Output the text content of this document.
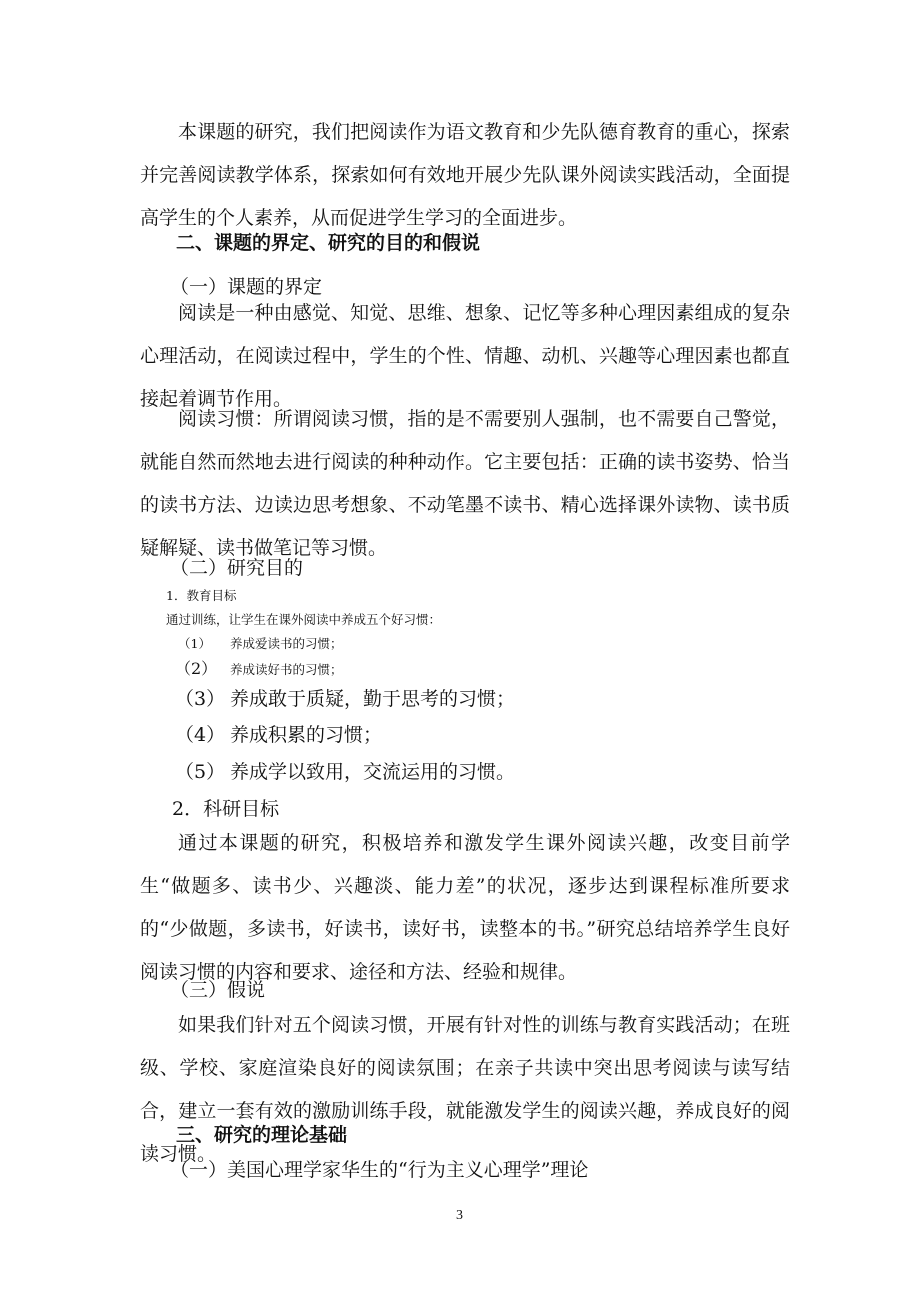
本课题的研究，我们把阅读作为语文教育和少先队德育教育的重心，探索并完善阅读教学体系，探索如何有效地开展少先队课外阅读实践活动，全面提高学生的个人素养，从而促进学生学习的全面进步。

二、课题的界定、研究的目的和假说

（一）课题的界定

阅读是一种由感觉、知觉、思维、想象、记忆等多种心理因素组成的复杂心理活动，在阅读过程中，学生的个性、情趣、动机、兴趣等心理因素也都直接起着调节作用。

阅读习惯：所谓阅读习惯，指的是不需要别人强制，也不需要自己警觉，就能自然而然地去进行阅读的种种动作。它主要包括：正确的读书姿势、恰当的读书方法、边读边思考想象、不动笔墨不读书、精心选择课外读物、读书质疑解疑、读书做笔记等习惯。

（二）研究目的

1．教育目标

通过训练，让学生在课外阅读中养成五个好习惯：

（1） 养成爱读书的习惯；
（2） 养成读好书的习惯；
（3） 养成敢于质疑，勤于思考的习惯；
（4） 养成积累的习惯；
（5） 养成学以致用，交流运用的习惯。

2．科研目标

通过本课题的研究，积极培养和激发学生课外阅读兴趣，改变目前学生“做题多、读书少、兴趣淡、能力差”的状况，逐步达到课程标准所要求的“少做题，多读书，好读书，读好书，读整本的书。”研究总结培养学生良好阅读习惯的内容和要求、途径和方法、经验和规律。

（三）假说

如果我们针对五个阅读习惯，开展有针对性的训练与教育实践活动；在班级、学校、家庭渲染良好的阅读氛围；在亲子共读中突出思考阅读与读写结合，建立一套有效的激励训练手段，就能激发学生的阅读兴趣，养成良好的阅读习惯。

三、研究的理论基础

（一）美国心理学家华生的“行为主义心理学”理论

3
